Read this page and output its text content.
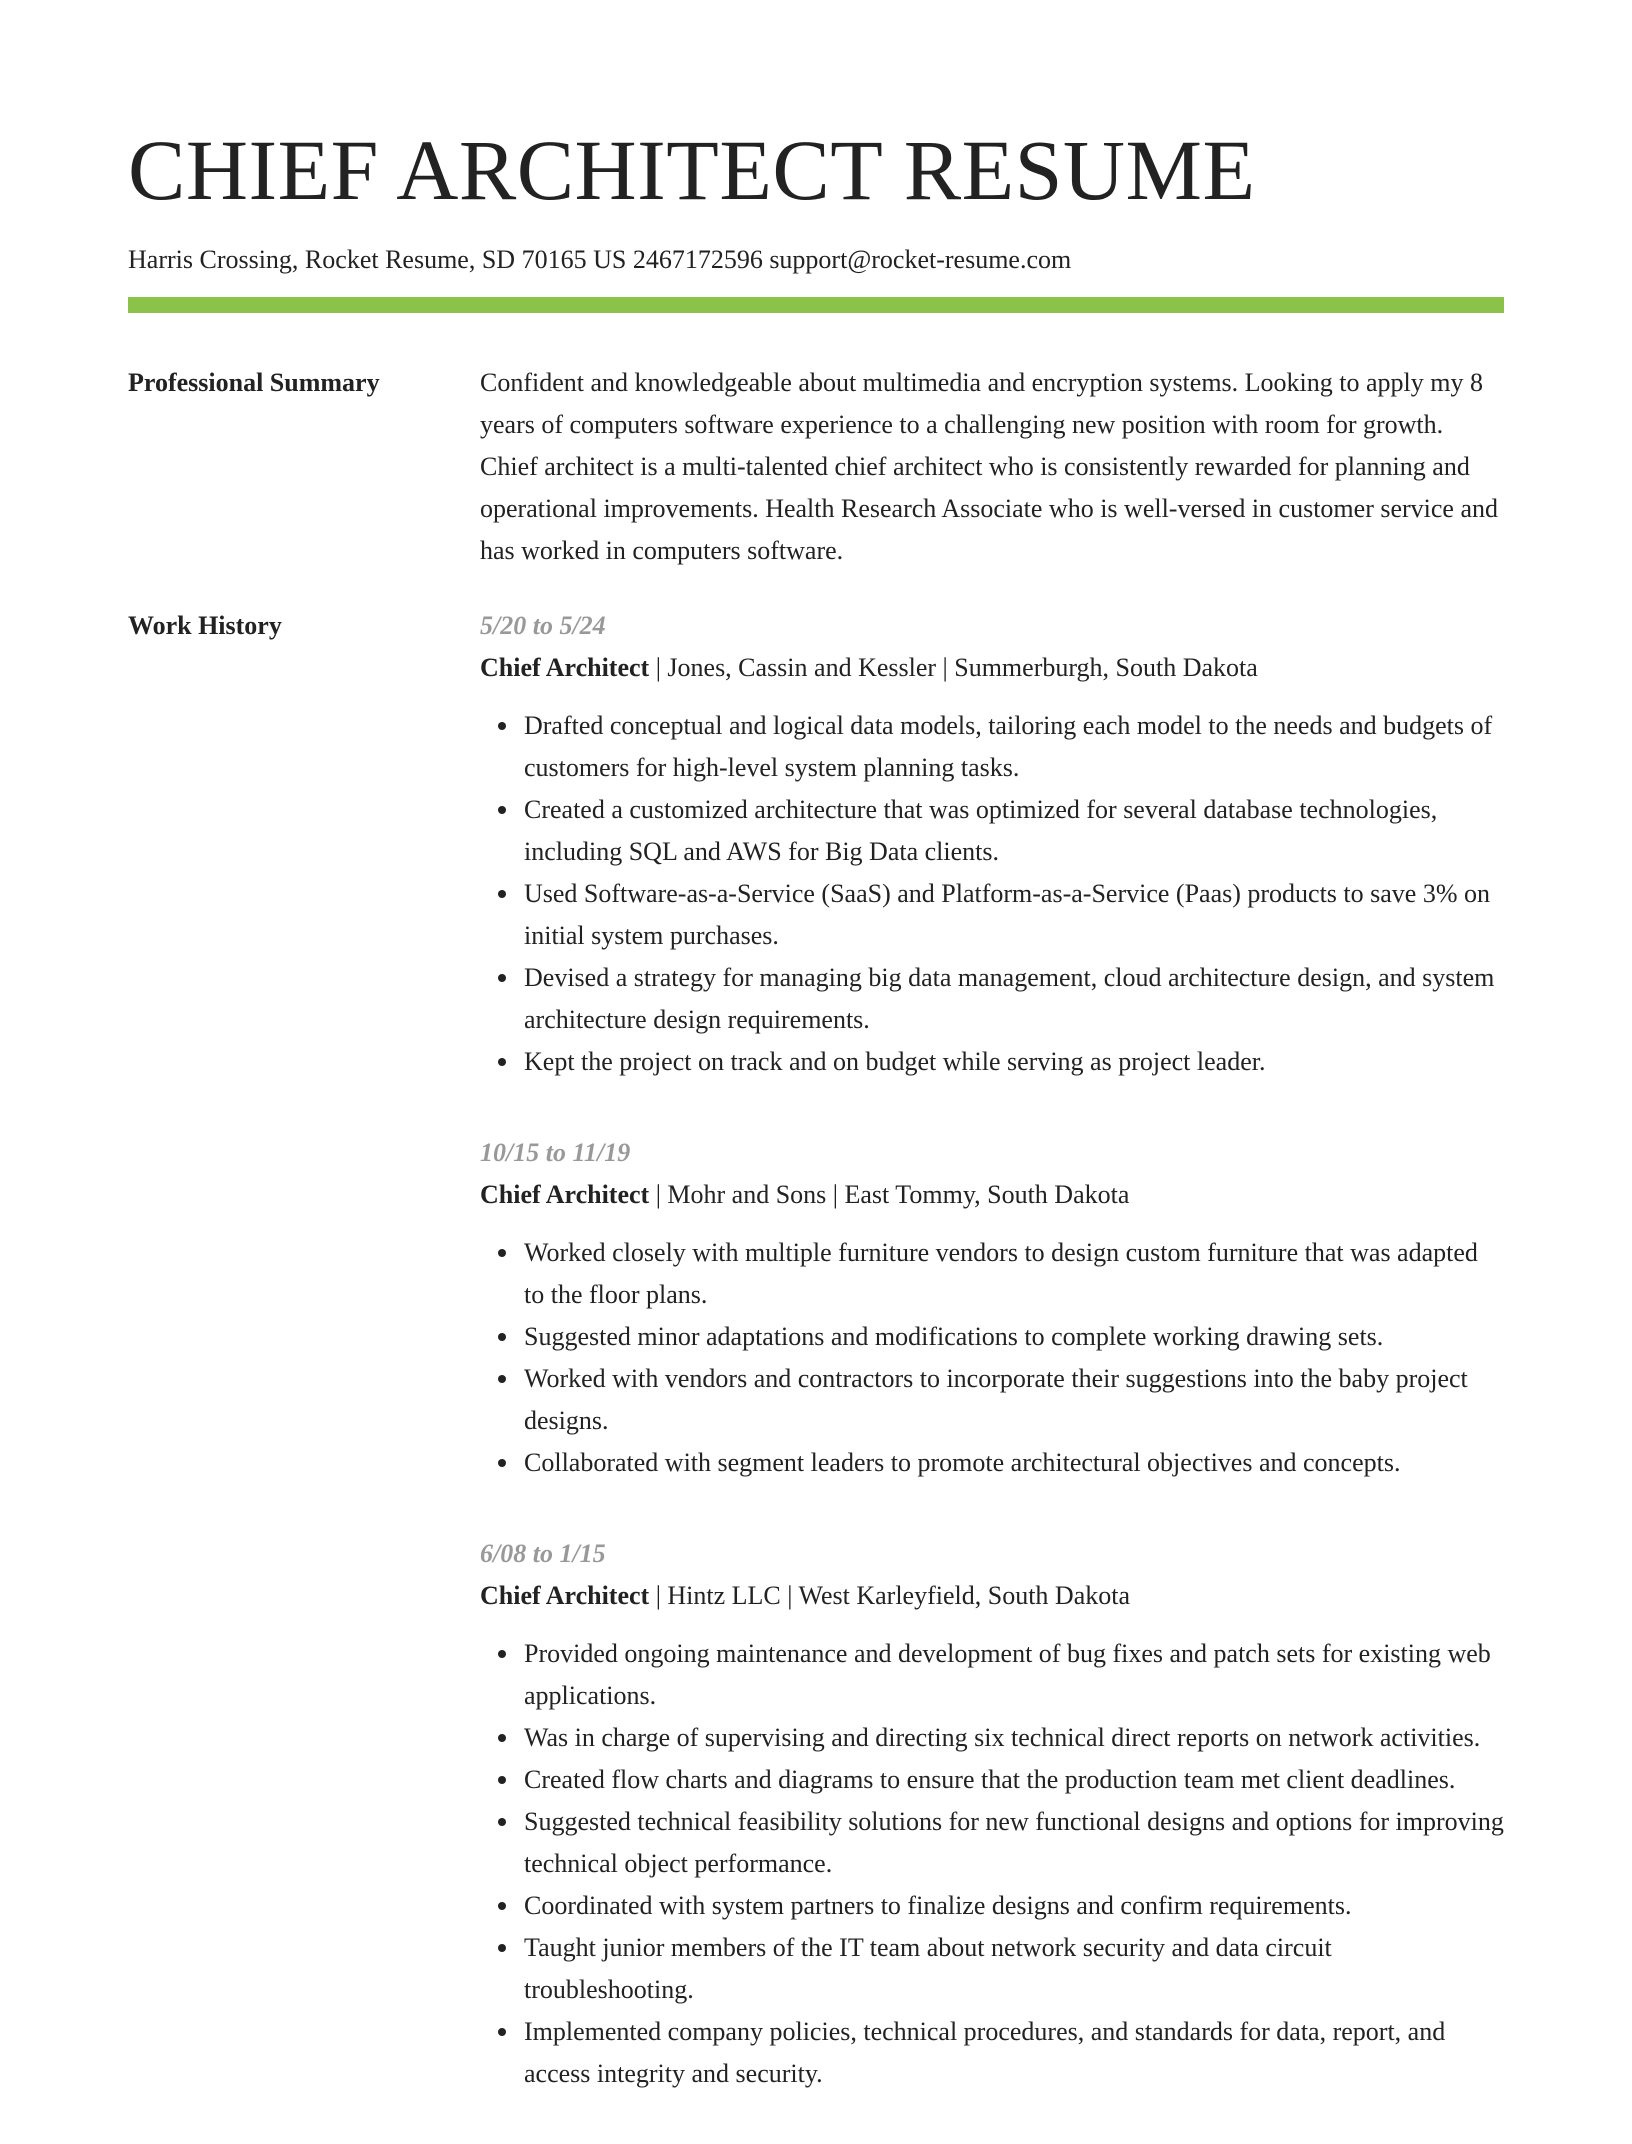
CHIEF ARCHITECT RESUME
Harris Crossing, Rocket Resume, SD 70165 US 2467172596 support@rocket-resume.com
Professional Summary	Confident and knowledgeable about multimedia and encryption systems. Looking to apply my 8 years of computers software experience to a challenging new position with room for growth. Chief architect is a multi-talented chief architect who is consistently rewarded for planning and operational improvements. Health Research Associate who is well-versed in customer service and has worked in computers software.

Work History	5/20 to 5/24
Chief Architect | Jones, Cassin and Kessler | Summerburgh, South Dakota
Drafted conceptual and logical data models, tailoring each model to the needs and budgets of customers for high-level system planning tasks.
Created a customized architecture that was optimized for several database technologies, including SQL and AWS for Big Data clients.
Used Software-as-a-Service (SaaS) and Platform-as-a-Service (Paas) products to save 3% on initial system purchases.
Devised a strategy for managing big data management, cloud architecture design, and system architecture design requirements.
Kept the project on track and on budget while serving as project leader.
10/15 to 11/19
Chief Architect | Mohr and Sons | East Tommy, South Dakota
Worked closely with multiple furniture vendors to design custom furniture that was adapted to the floor plans.
Suggested minor adaptations and modifications to complete working drawing sets.
Worked with vendors and contractors to incorporate their suggestions into the baby project designs.
Collaborated with segment leaders to promote architectural objectives and concepts.
6/08 to 1/15
Chief Architect | Hintz LLC | West Karleyfield, South Dakota
Provided ongoing maintenance and development of bug fixes and patch sets for existing web applications.
Was in charge of supervising and directing six technical direct reports on network activities.
Created flow charts and diagrams to ensure that the production team met client deadlines.
Suggested technical feasibility solutions for new functional designs and options for improving technical object performance.
Coordinated with system partners to finalize designs and confirm requirements.
Taught junior members of the IT team about network security and data circuit troubleshooting.
Implemented company policies, technical procedures, and standards for data, report, and access integrity and security.
